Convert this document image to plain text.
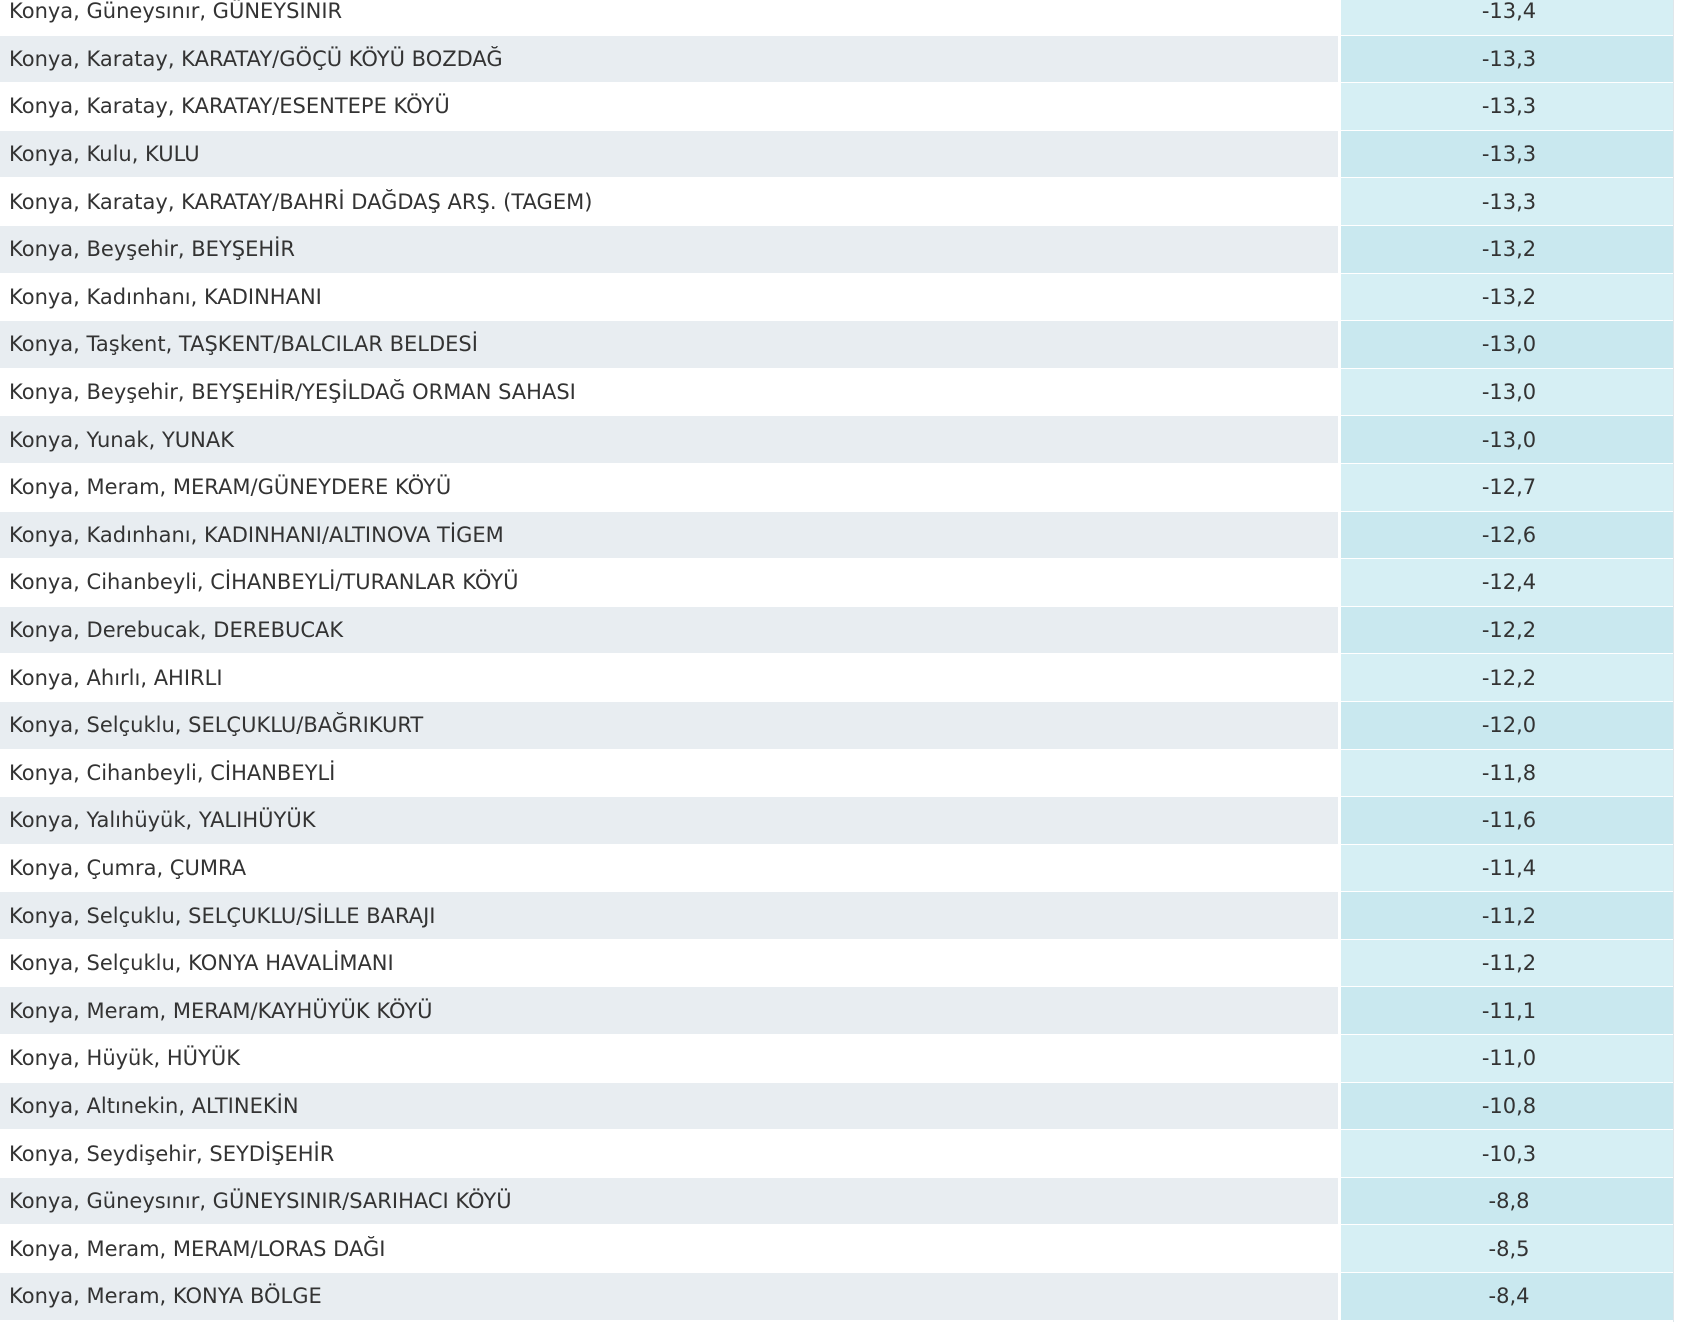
Konya, Güneysınır, GÜNEYSINIR	-13,4
Konya, Karatay, KARATAY/GÖÇÜ KÖYÜ BOZDAĞ	-13,3
Konya, Karatay, KARATAY/ESENTEPE KÖYÜ	-13,3
Konya, Kulu, KULU	-13,3
Konya, Karatay, KARATAY/BAHRİ DAĞDAŞ ARŞ. (TAGEM)	-13,3
Konya, Beyşehir, BEYŞEHİR	-13,2
Konya, Kadınhanı, KADINHANI	-13,2
Konya, Taşkent, TAŞKENT/BALCILAR BELDESİ	-13,0
Konya, Beyşehir, BEYŞEHİR/YEŞİLDAĞ ORMAN SAHASI	-13,0
Konya, Yunak, YUNAK	-13,0
Konya, Meram, MERAM/GÜNEYDERE KÖYÜ	-12,7
Konya, Kadınhanı, KADINHANI/ALTINOVA TİGEM	-12,6
Konya, Cihanbeyli, CİHANBEYLİ/TURANLAR KÖYÜ	-12,4
Konya, Derebucak, DEREBUCAK	-12,2
Konya, Ahırlı, AHIRLI	-12,2
Konya, Selçuklu, SELÇUKLU/BAĞRIKURT	-12,0
Konya, Cihanbeyli, CİHANBEYLİ	-11,8
Konya, Yalıhüyük, YALIHÜYÜK	-11,6
Konya, Çumra, ÇUMRA	-11,4
Konya, Selçuklu, SELÇUKLU/SİLLE BARAJI	-11,2
Konya, Selçuklu, KONYA HAVALİMANI	-11,2
Konya, Meram, MERAM/KAYHÜYÜK KÖYÜ	-11,1
Konya, Hüyük, HÜYÜK	-11,0
Konya, Altınekin, ALTINEKİN	-10,8
Konya, Seydişehir, SEYDİŞEHİR	-10,3
Konya, Güneysınır, GÜNEYSINIR/SARIHACI KÖYÜ	-8,8
Konya, Meram, MERAM/LORAS DAĞI	-8,5
Konya, Meram, KONYA BÖLGE	-8,4
